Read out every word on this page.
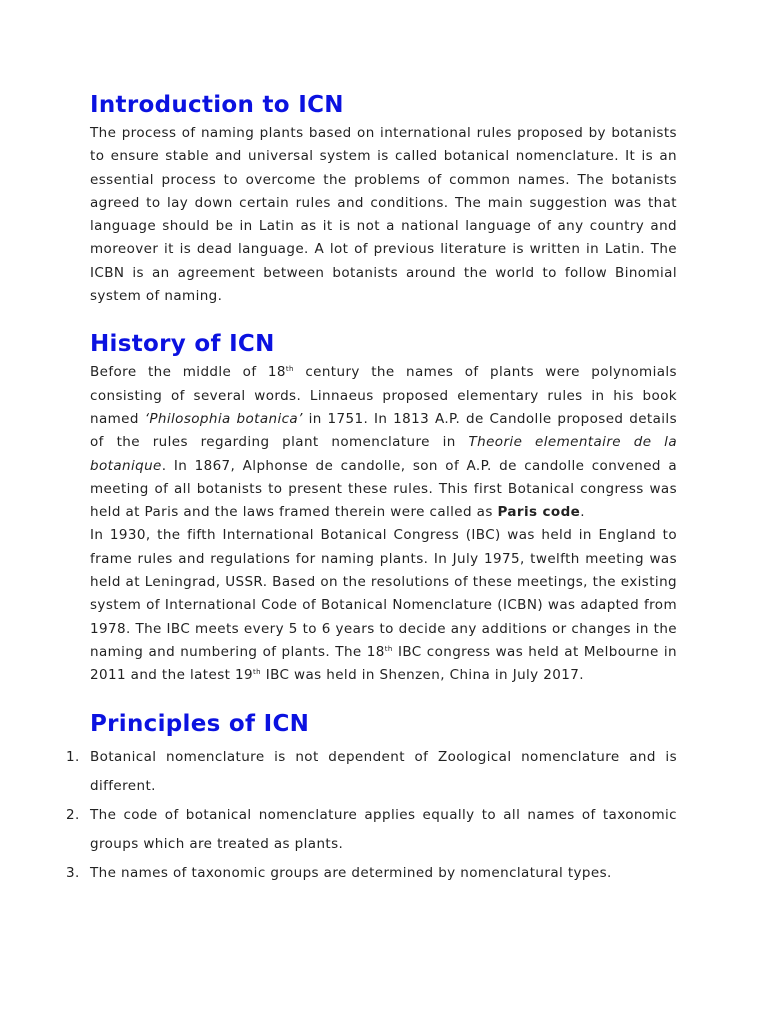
Introduction to ICN

The process of naming plants based on international rules proposed by botanists to ensure stable and universal system is called botanical nomenclature. It is an essential process to overcome the problems of common names. The botanists agreed to lay down certain rules and conditions. The main suggestion was that language should be in Latin as it is not a national language of any country and moreover it is dead language. A lot of previous literature is written in Latin. The ICBN is an agreement between botanists around the world to follow Binomial system of naming.

History of ICN

Before the middle of 18th century the names of plants were polynomials consisting of several words. Linnaeus proposed elementary rules in his book named ‘Philosophia botanica’ in 1751. In 1813 A.P. de Candolle proposed details of the rules regarding plant nomenclature in Theorie elementaire de la botanique. In 1867, Alphonse de candolle, son of A.P. de candolle convened a meeting of all botanists to present these rules. This first Botanical congress was held at Paris and the laws framed therein were called as Paris code.

In 1930, the fifth International Botanical Congress (IBC) was held in England to frame rules and regulations for naming plants. In July 1975, twelfth meeting was held at Leningrad, USSR. Based on the resolutions of these meetings, the existing system of International Code of Botanical Nomenclature (ICBN) was adapted from 1978. The IBC meets every 5 to 6 years to decide any additions or changes in the naming and numbering of plants. The 18th IBC congress was held at Melbourne in 2011 and the latest 19th IBC was held in Shenzen, China in July 2017.

Principles of ICN
1. Botanical nomenclature is not dependent of Zoological nomenclature and is different.
2. The code of botanical nomenclature applies equally to all names of taxonomic groups which are treated as plants.
3. The names of taxonomic groups are determined by nomenclatural types.
